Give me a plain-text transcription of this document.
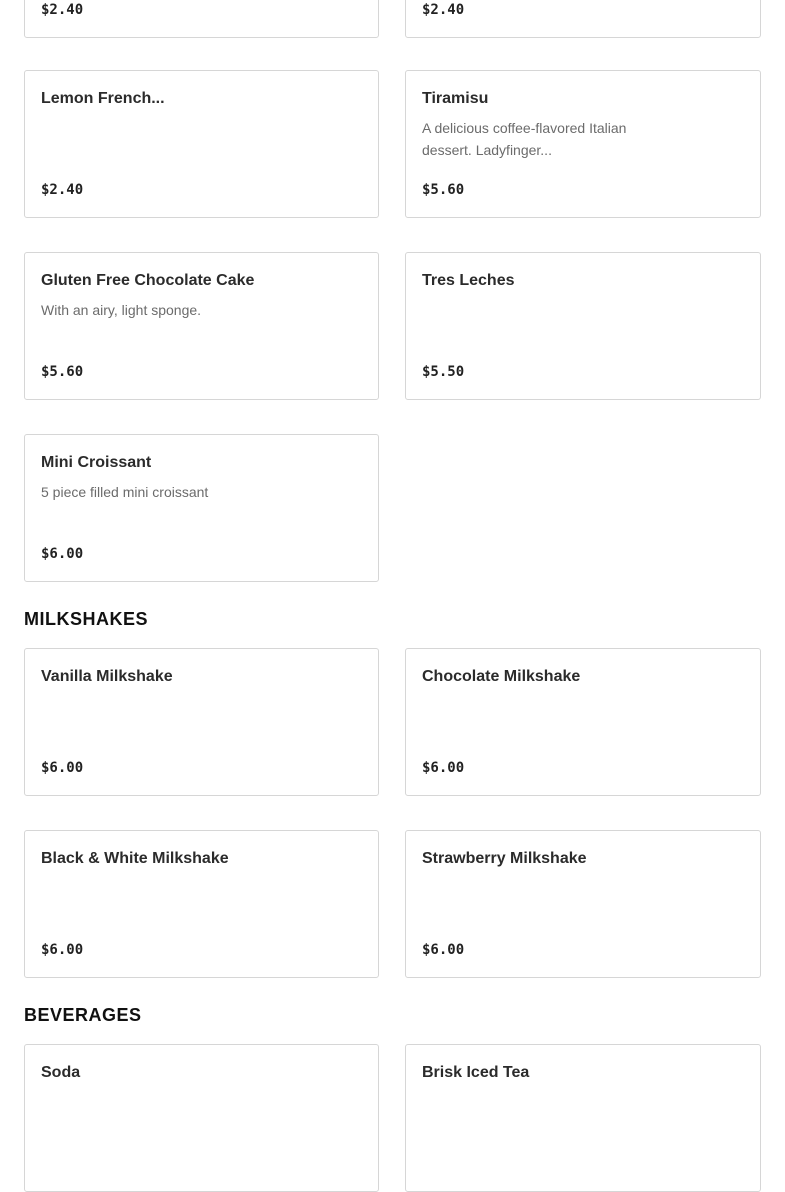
$2.40	$2.40
Lemon French...
$2.40
Tiramisu
A delicious coffee-flavored Italian dessert. Ladyfinger...
$5.60
Gluten Free Chocolate Cake
With an airy, light sponge.
$5.60
Tres Leches
$5.50
Mini Croissant
5 piece filled mini croissant
$6.00
MILKSHAKES
Vanilla Milkshake
$6.00
Chocolate Milkshake
$6.00
Black & White Milkshake
$6.00
Strawberry Milkshake
$6.00
BEVERAGES
Soda	Brisk Iced Tea
